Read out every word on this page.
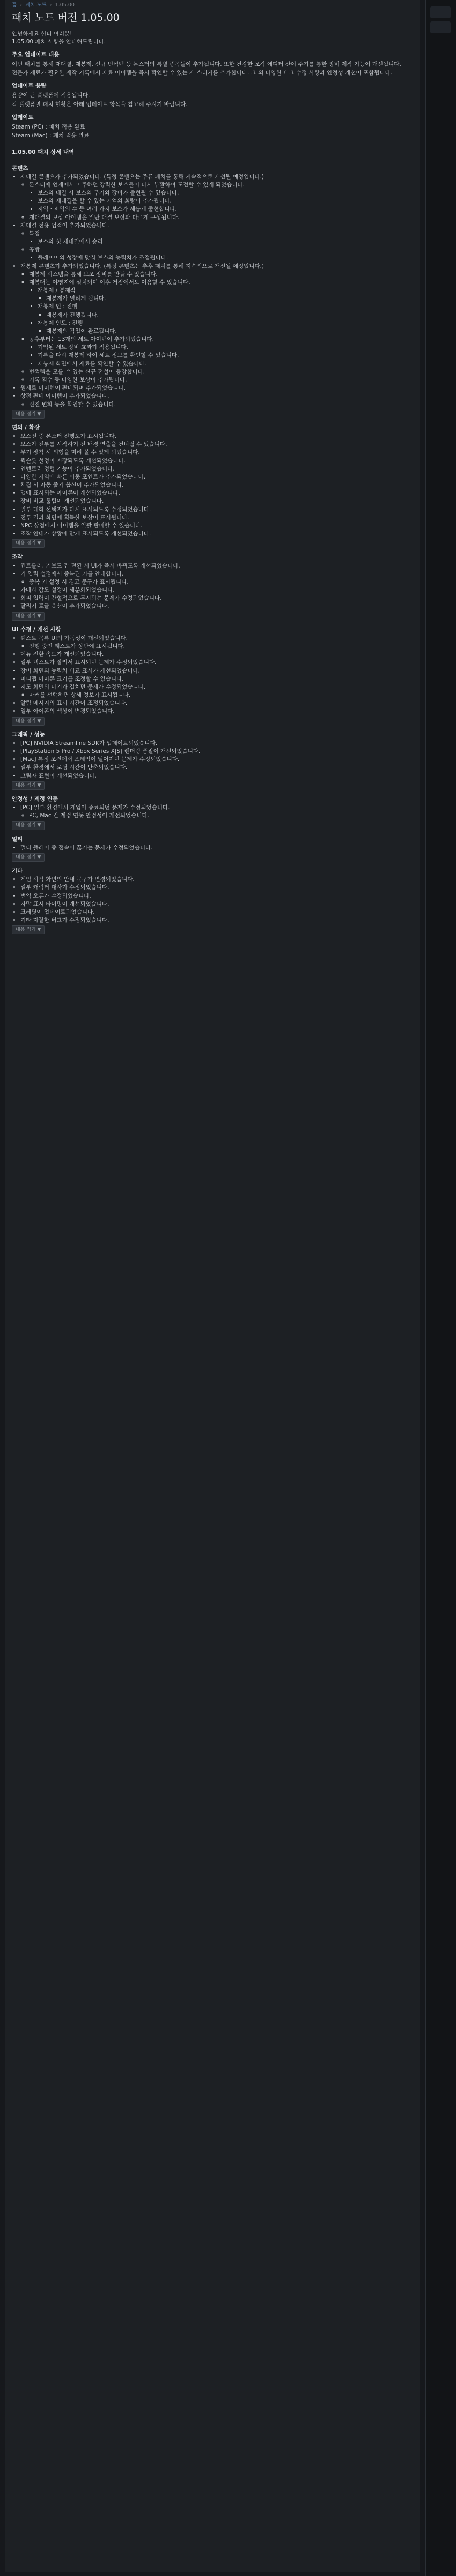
홈 › 패치 노트 › 1.05.00
패치 노트 버전 1.05.00

안녕하세요 헌터 여러분!

1.05.00 패치 사항을 안내해드립니다.

주요 업데이트 내용

이번 패치를 통해 재대결, 재봉제, 신규 번쩍템 등 몬스터의 특별 종목들이 추가됩니다. 또한 건강한 조각 에디터 잔여 주기를 통한 장비 제작 기능이 개선됩니다.

전문가 재료가 필요한 제작 기록에서 재료 아이템을 즉시 확인할 수 있는 게 스티커를 추가합니다. 그 외 다양한 버그 수정 사항과 안정성 개선이 포함됩니다.

업데이트 용량

용량이 큰 플랫폼에 적용됩니다.

각 플랫폼별 패치 현황은 아래 업데이트 항목을 참고해 주시기 바랍니다.

업데이트

Steam (PC) : 패치 적용 완료

Steam (Mac) : 패치 적용 완료

1.05.00 패치 상세 내역
콘텐츠
• 재대결 콘텐츠가 추가되었습니다. (특정 콘텐츠는 주류 패치를 통해 지속적으로 개선될 예정입니다.)
◦ 몬스터에 언제에서 마주하던 강력한 보스들이 다시 부활하여 도전할 수 있게 되었습니다.
▪ 보스와 대결 시 보스의 무기와 장비가 출현될 수 있습니다.
▪ 보스와 재대결을 할 수 있는 기억의 회랑이 추가됩니다.
▪ 지역 · 지역의 수 등 여러 가지 보스가 새롭게 출현합니다.
◦ 재대결의 보상 아이템은 일반 대결 보상과 다르게 구성됩니다.
• 재대결 전용 업적이 추가되었습니다.
◦ 특정
▪ 보스와 첫 재대결에서 승리
◦ 공방
▪ 플레이어의 성장에 맞춰 보스의 능력치가 조정됩니다.
• 재봉제 콘텐츠가 추가되었습니다. (특정 콘텐츠는 추후 패치를 통해 지속적으로 개선될 예정입니다.)
◦ 재봉제 시스템을 통해 보조 장비를 만들 수 있습니다.
◦ 재봉대는 야영지에 설치되며 이후 거점에서도 이용할 수 있습니다.
▪ 재봉제 / 봉제작
▪ 재봉제가 열리게 됩니다.
▪ 재봉제 인 : 진행
▪ 재봉제가 진행됩니다.
▪ 재봉제 인도 : 진행
▪ 재봉제의 작업이 완료됩니다.
◦ 공후부터는 13개의 세트 아이템이 추가되었습니다.
▪ 기억된 세트 장비 효과가 적용됩니다.
▪ 기록을 다시 재봉제 하여 세트 정보를 확인할 수 있습니다.
▪ 재봉제 화면에서 재료를 확인할 수 있습니다.
◦ 번쩍템을 모를 수 있는 신규 전설이 등장합니다.
◦ 기록 획수 등 다양한 보상이 추가됩니다.
• 원제로 아이템이 판매되며 추가되었습니다.
• 상점 판매 아이템이 추가되었습니다.
◦ 신진 변화 등을 확인할 수 있습니다.
내용 접기 ▼
편의 / 확장
• 보스전 중 몬스터 진행도가 표시됩니다.
• 보스가 전투를 시작하기 전 배경 연출을 건너뛸 수 있습니다.
• 무기 장착 시 외형을 미리 볼 수 있게 되었습니다.
• 퀵슬롯 설정이 저장되도록 개선되었습니다.
• 인벤토리 정렬 기능이 추가되었습니다.
• 다양한 지역에 빠른 이동 포인트가 추가되었습니다.
• 채집 시 자동 줍기 옵션이 추가되었습니다.
• 맵에 표시되는 아이콘이 개선되었습니다.
• 장비 비교 툴팁이 개선되었습니다.
• 일부 대화 선택지가 다시 표시되도록 수정되었습니다.
• 전투 결과 화면에 획득한 보상이 표시됩니다.
• NPC 상점에서 아이템을 일괄 판매할 수 있습니다.
• 조작 안내가 상황에 맞게 표시되도록 개선되었습니다.
내용 접기 ▼
조작
• 컨트롤러, 키보드 간 전환 시 UI가 즉시 바뀌도록 개선되었습니다.
• 키 입력 설정에서 중복된 키를 안내합니다.
◦ 중복 키 설정 시 경고 문구가 표시됩니다.
• 카메라 감도 설정이 세분화되었습니다.
• 회피 입력이 간헐적으로 무시되는 문제가 수정되었습니다.
• 달리기 토글 옵션이 추가되었습니다.
내용 접기 ▼
UI 수정 / 개선 사항
• 퀘스트 목록 UI의 가독성이 개선되었습니다.
◦ 진행 중인 퀘스트가 상단에 표시됩니다.
• 메뉴 전환 속도가 개선되었습니다.
• 일부 텍스트가 잘려서 표시되던 문제가 수정되었습니다.
• 장비 화면의 능력치 비교 표시가 개선되었습니다.
• 미니맵 아이콘 크기를 조정할 수 있습니다.
• 지도 화면의 마커가 겹치던 문제가 수정되었습니다.
◦ 마커를 선택하면 상세 정보가 표시됩니다.
• 알림 메시지의 표시 시간이 조정되었습니다.
• 일부 아이콘의 색상이 변경되었습니다.
내용 접기 ▼
그래픽 / 성능
• [PC] NVIDIA Streamline SDK가 업데이트되었습니다.
• [PlayStation 5 Pro / Xbox Series X|S] 렌더링 품질이 개선되었습니다.
• [Mac] 특정 조건에서 프레임이 떨어지던 문제가 수정되었습니다.
• 일부 환경에서 로딩 시간이 단축되었습니다.
• 그림자 표현이 개선되었습니다.
내용 접기 ▼
안정성 / 계정 연동
• [PC] 일부 환경에서 게임이 종료되던 문제가 수정되었습니다.
◦ PC, Mac 간 계정 연동 안정성이 개선되었습니다.
내용 접기 ▼
멀티
• 멀티 플레이 중 접속이 끊기는 문제가 수정되었습니다.
내용 접기 ▼
기타
• 게임 시작 화면의 안내 문구가 변경되었습니다.
• 일부 캐릭터 대사가 수정되었습니다.
• 번역 오류가 수정되었습니다.
• 자막 표시 타이밍이 개선되었습니다.
• 크레딧이 업데이트되었습니다.
• 기타 자잘한 버그가 수정되었습니다.
내용 접기 ▼
